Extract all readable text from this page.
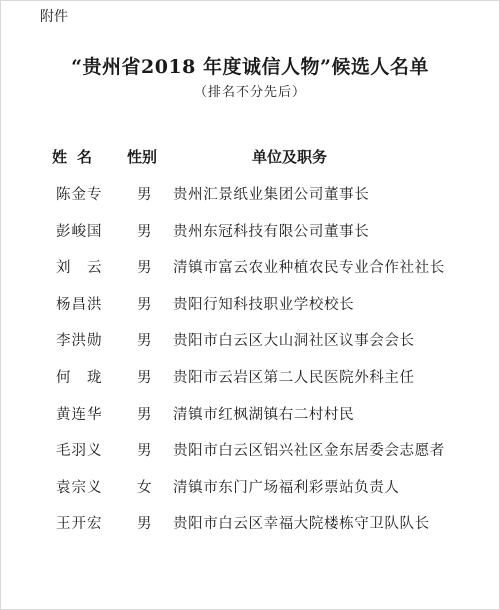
附件
“贵州省2018 年度诚信人物”候选人名单
（排名不分先后）
姓名 性别	单位及职务
陈金专 男 贵州汇景纸业集团公司董事长
彭峻国 男 贵州东冠科技有限公司董事长
刘　云 男 清镇市富云农业种植农民专业合作社社长
杨昌洪 男 贵阳行知科技职业学校校长
李洪勋 男 贵阳市白云区大山洞社区议事会会长
何　珑 男 贵阳市云岩区第二人民医院外科主任
黄连华 男 清镇市红枫湖镇右二村村民
毛羽义 男 贵阳市白云区铝兴社区金东居委会志愿者
袁宗义 女 清镇市东门广场福利彩票站负责人
王开宏 男 贵阳市白云区幸福大院楼栋守卫队队长
